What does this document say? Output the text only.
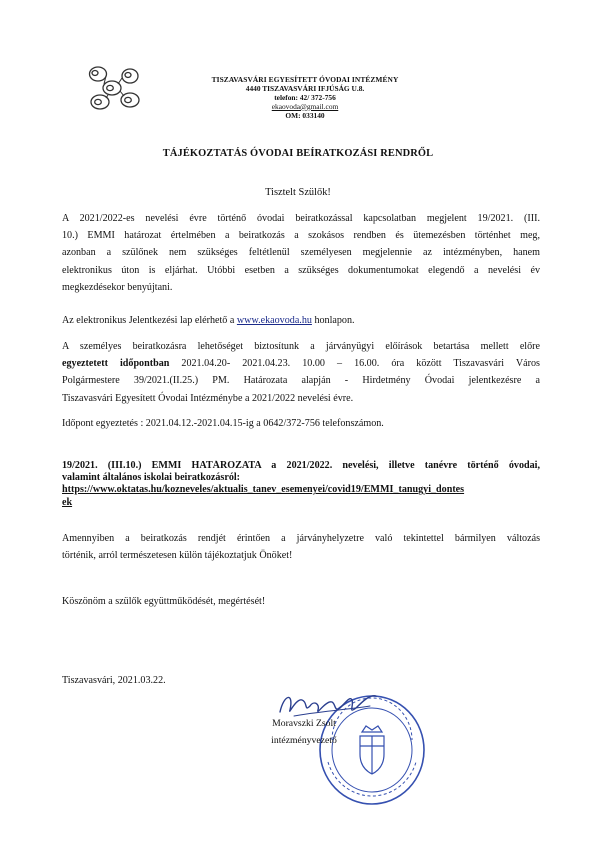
TISZAVASVÁRI EGYESÍTETT ÓVODAI INTÉZMÉNY
4440 TISZAVASVÁRI IFJÚSÁG U.8.
telefon: 42/ 372-756
ekaovoda@gmail.com
OM: 033140
TÁJÉKOZTATÁS ÓVODAI BEÍRATKOZÁSI RENDRŐL
Tisztelt Szülők!
A 2021/2022-es nevelési évre történő óvodai beiratkozással kapcsolatban megjelent 19/2021. (III.
10.) EMMI határozat értelmében a beiratkozás a szokásos rendben és ütemezésben történhet meg,
azonban a szülőnek nem szükséges feltétlenül személyesen megjelennie az intézményben, hanem
elektronikus úton is eljárhat. Utóbbi esetben a szükséges dokumentumokat elegendő a nevelési év
megkezdésekor benyújtani.
Az elektronikus Jelentkezési lap elérhető a www.ekaovoda.hu honlapon.
A személyes beiratkozásra lehetőséget biztosítunk a járványügyi előírások betartása mellett előre
egyeztetett időpontban 2021.04.20- 2021.04.23. 10.00 – 16.00. óra között Tiszavasvári Város
Polgármestere 39/2021.(II.25.) PM. Határozata alapján - Hirdetmény Óvodai jelentkezésre a
Tiszavasvári Egyesített Óvodai Intézménybe a 2021/2022 nevelési évre.
Időpont egyeztetés : 2021.04.12.-2021.04.15-ig a 0642/372-756 telefonszámon.
19/2021. (III.10.) EMMI HATÁROZATA a 2021/2022. nevelési, illetve tanévre történő óvodai,
valamint általános iskolai beiratkozásról:
https://www.oktatas.hu/kozneveles/aktualis_tanev_esemenyei/covid19/EMMI_tanugyi_dontes
ek
Amennyiben a beiratkozás rendjét érintően a járványhelyzetre való tekintettel bármilyen változás
történik, arról természetesen külön tájékoztatjuk Önöket!
Köszönöm a szülők együttműködését, megértését!
Tiszavasvári, 2021.03.22.
Moravszki Zsolt
intézményvezető
